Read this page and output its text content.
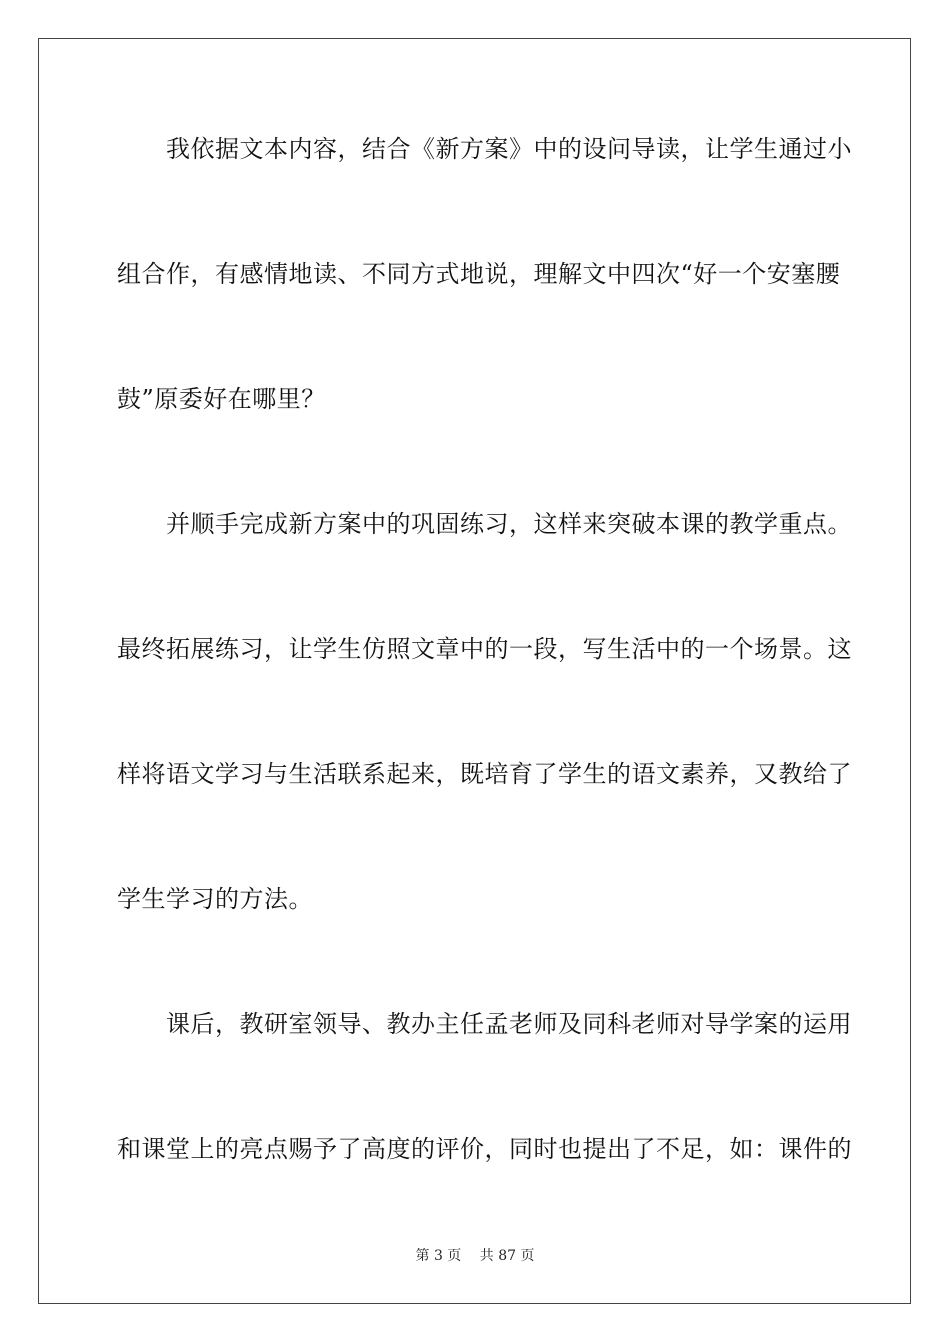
　　我依据文本内容，结合《新方案》中的设问导读，让学生通过小
组合作，有感情地读、不同方式地说，理解文中四次“好一个安塞腰
鼓”原委好在哪里？
　　并顺手完成新方案中的巩固练习，这样来突破本课的教学重点。
最终拓展练习，让学生仿照文章中的一段，写生活中的一个场景。这
样将语文学习与生活联系起来，既培育了学生的语文素养，又教给了
学生学习的方法。
　　课后，教研室领导、教办主任孟老师及同科老师对导学案的运用
和课堂上的亮点赐予了高度的评价，同时也提出了不足，如：课件的
第 3 页　 共 87 页
